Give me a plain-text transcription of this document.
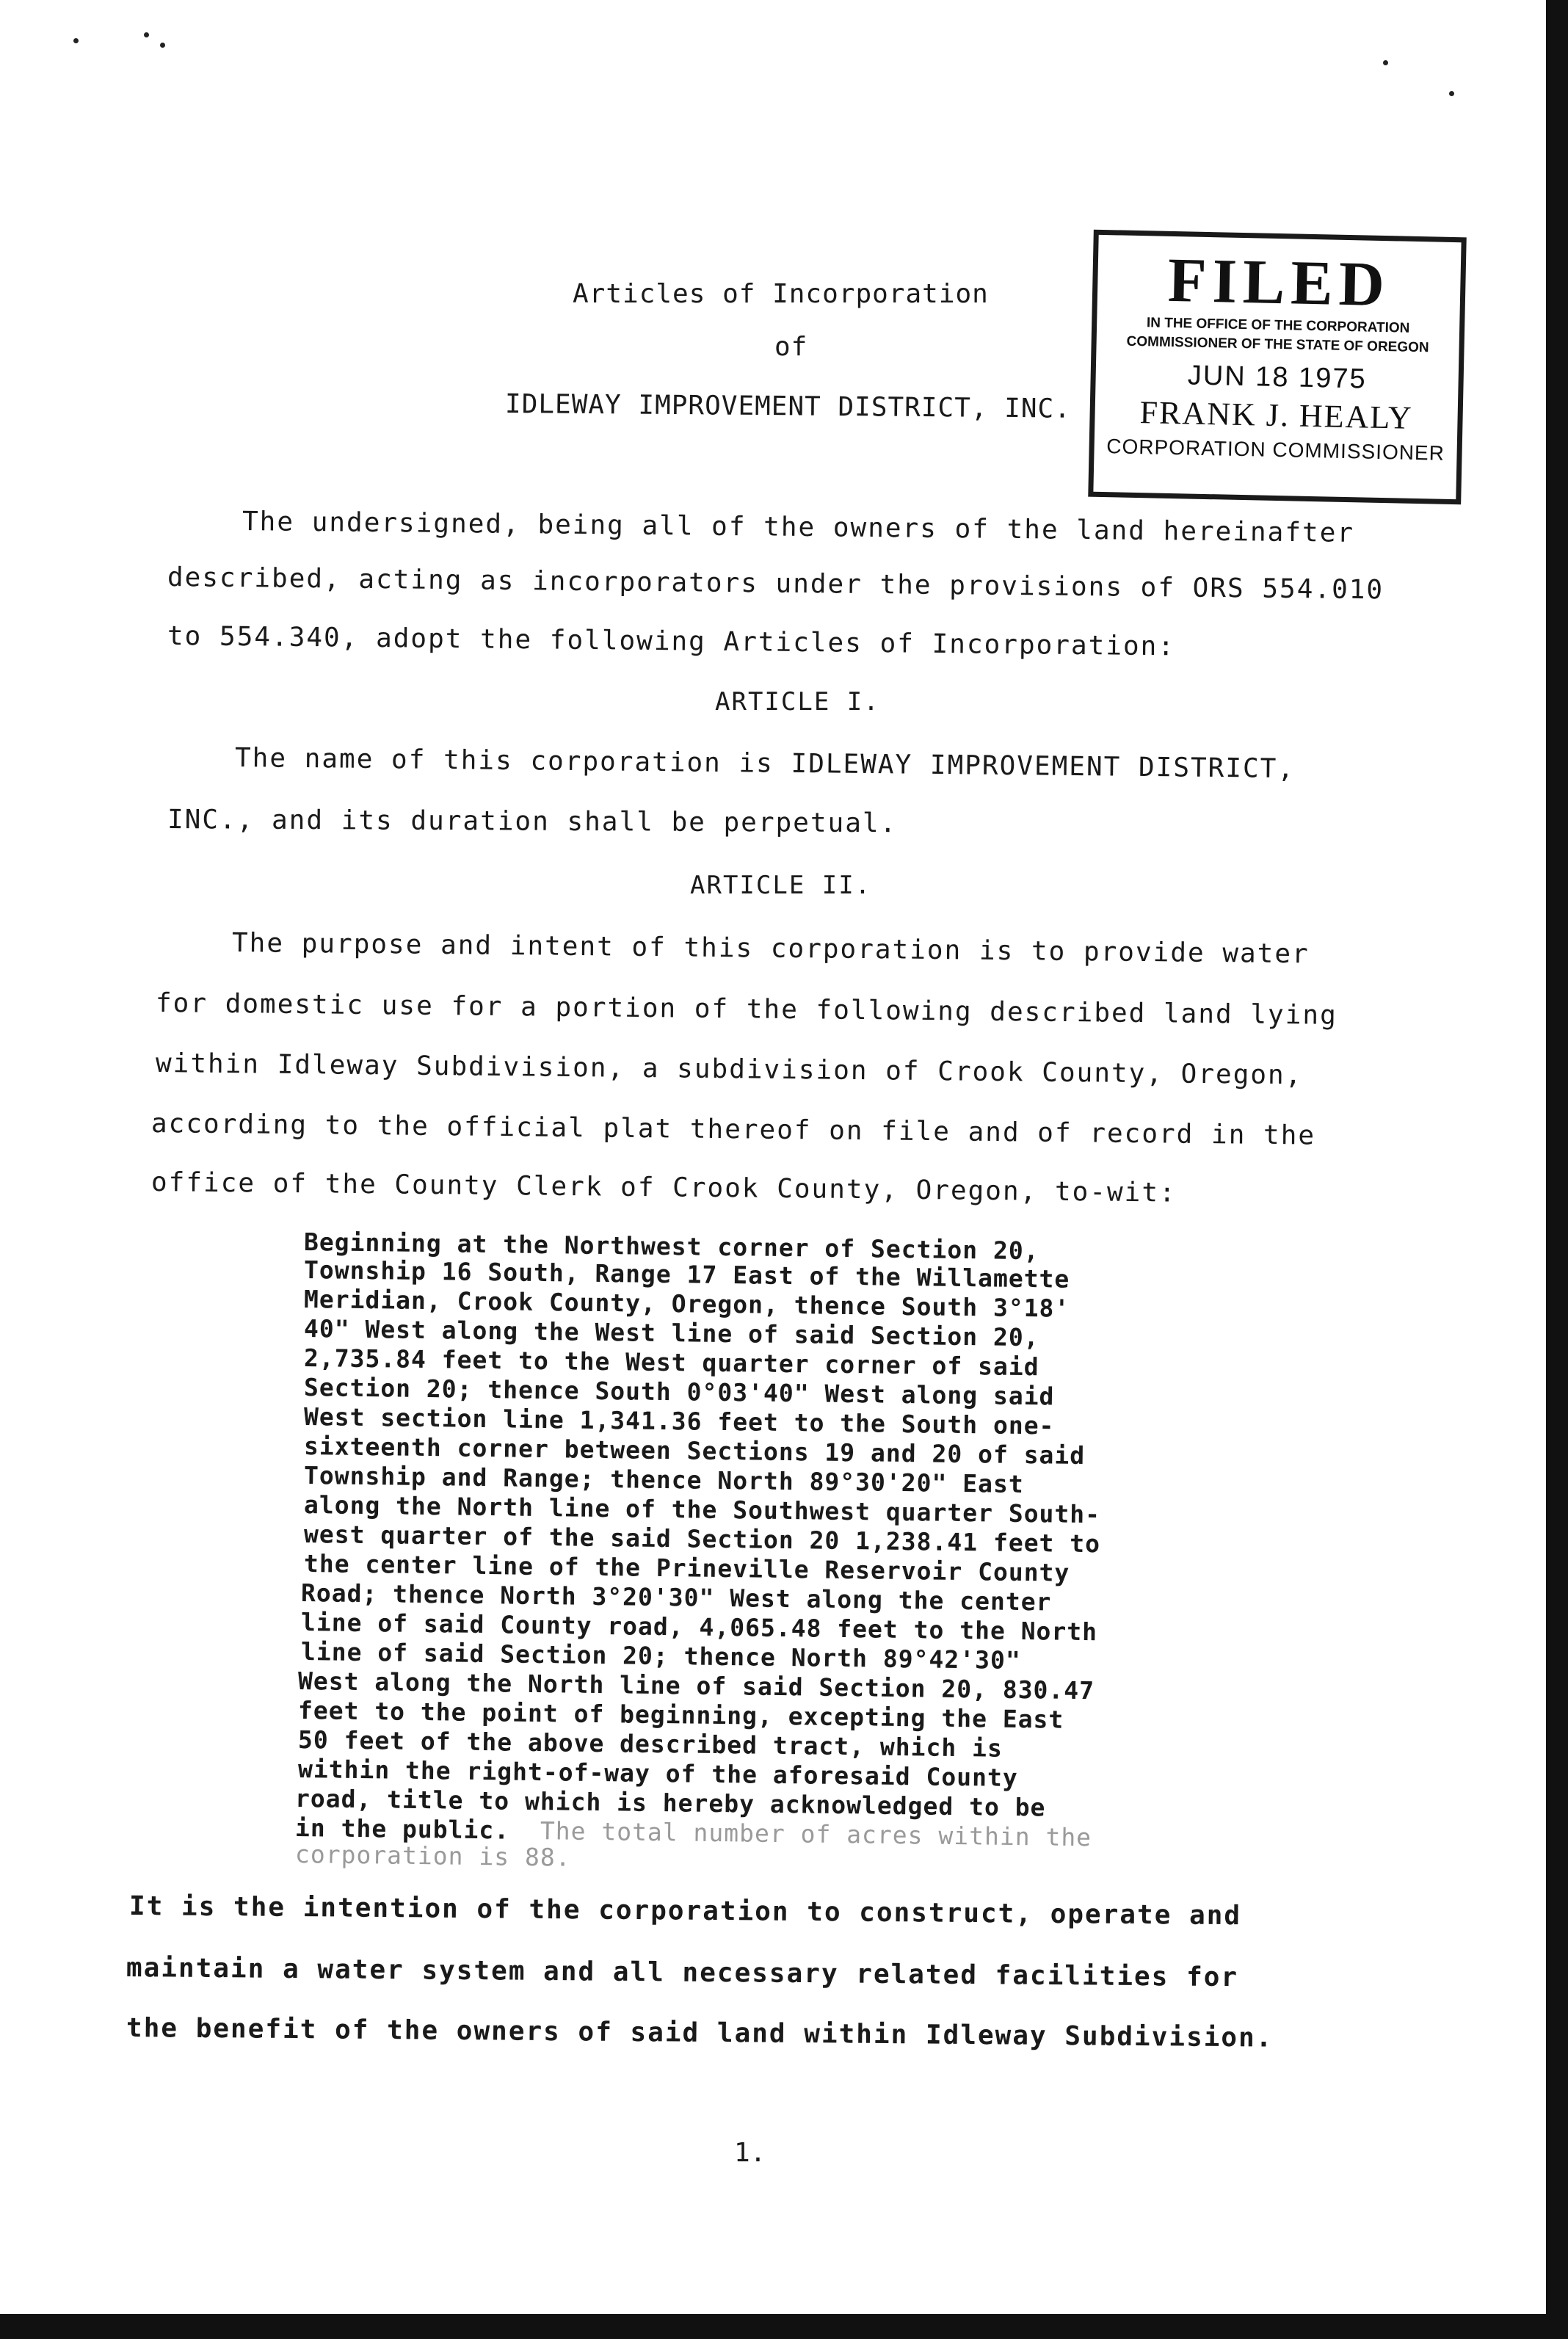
Articles of Incorporation
of
IDLEWAY IMPROVEMENT DISTRICT, INC.
FILED
IN THE OFFICE OF THE CORPORATION
COMMISSIONER OF THE STATE OF OREGON
JUN 18 1975
FRANK J. HEALY
CORPORATION COMMISSIONER
The undersigned, being all of the owners of the land hereinafter
described, acting as incorporators under the provisions of ORS 554.010
to 554.340, adopt the following Articles of Incorporation:
ARTICLE I.
The name of this corporation is IDLEWAY IMPROVEMENT DISTRICT,
INC., and its duration shall be perpetual.
ARTICLE II.
The purpose and intent of this corporation is to provide water
for domestic use for a portion of the following described land lying
within Idleway Subdivision, a subdivision of Crook County, Oregon,
according to the official plat thereof on file and of record in the
office of the County Clerk of Crook County, Oregon, to-wit:
Beginning at the Northwest corner of Section 20,
Township 16 South, Range 17 East of the Willamette
Meridian, Crook County, Oregon, thence South 3°18'
40" West along the West line of said Section 20,
2,735.84 feet to the West quarter corner of said
Section 20; thence South 0°03'40" West along said
West section line 1,341.36 feet to the South one-
sixteenth corner between Sections 19 and 20 of said
Township and Range; thence North 89°30'20" East
along the North line of the Southwest quarter South-
west quarter of the said Section 20 1,238.41 feet to
the center line of the Prineville Reservoir County
Road; thence North 3°20'30" West along the center
line of said County road, 4,065.48 feet to the North
line of said Section 20; thence North 89°42'30"
West along the North line of said Section 20, 830.47
feet to the point of beginning, excepting the East
50 feet of the above described tract, which is
within the right-of-way of the aforesaid County
road, title to which is hereby acknowledged to be
in the public. The total number of acres within the
corporation is 88.
It is the intention of the corporation to construct, operate and
maintain a water system and all necessary related facilities for
the benefit of the owners of said land within Idleway Subdivision.
1.
